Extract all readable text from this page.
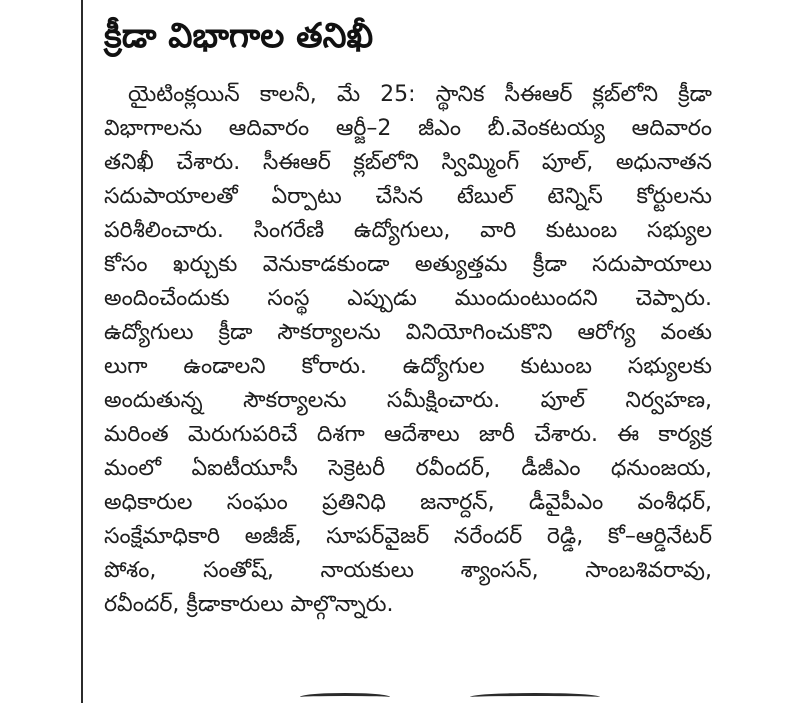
క్రీడా విభాగాల తనిఖీ
యైటింక్లయిన్ కాలనీ, మే 25: స్థానిక సీఈఆర్ క్లబ్‌లోని క్రీడా
విభాగాలను ఆదివారం ఆర్జీ–2 జీఎం బీ.వెంకటయ్య ఆదివారం
తనిఖీ చేశారు. సీఈఆర్ క్లబ్‌లోని స్విమ్మింగ్ పూల్, అధునాతన
సదుపాయాలతో ఏర్పాటు చేసిన టేబుల్ టెన్నిస్ కోర్టులను
పరిశీలించారు. సింగరేణి ఉద్యోగులు, వారి కుటుంబ సభ్యుల
కోసం ఖర్చుకు వెనుకాడకుండా అత్యుత్తమ క్రీడా సదుపాయాలు
అందించేందుకు సంస్థ ఎప్పుడు ముందుంటుందని చెప్పారు.
ఉద్యోగులు క్రీడా సౌకర్యాలను వినియోగించుకొని ఆరోగ్య వంతు
లుగా ఉండాలని కోరారు. ఉద్యోగుల కుటుంబ సభ్యులకు
అందుతున్న సౌకర్యాలను సమీక్షించారు. పూల్ నిర్వహణ,
మరింత మెరుగుపరిచే దిశగా ఆదేశాలు జారీ చేశారు. ఈ కార్యక్ర
మంలో ఏఐటీయూసీ సెక్రెటరీ రవీందర్, డీజీఎం ధనుంజయ,
అధికారుల సంఘం ప్రతినిధి జనార్దన్, డీవైపీఎం వంశీధర్,
సంక్షేమాధికారి అజీజ్, సూపర్‌వైజర్ నరేందర్ రెడ్డి, కో–ఆర్డినేటర్
పోశం, సంతోష్, నాయకులు శ్యాంసన్, సాంబశివరావు,
రవీందర్, క్రీడాకారులు పాల్గొన్నారు.
